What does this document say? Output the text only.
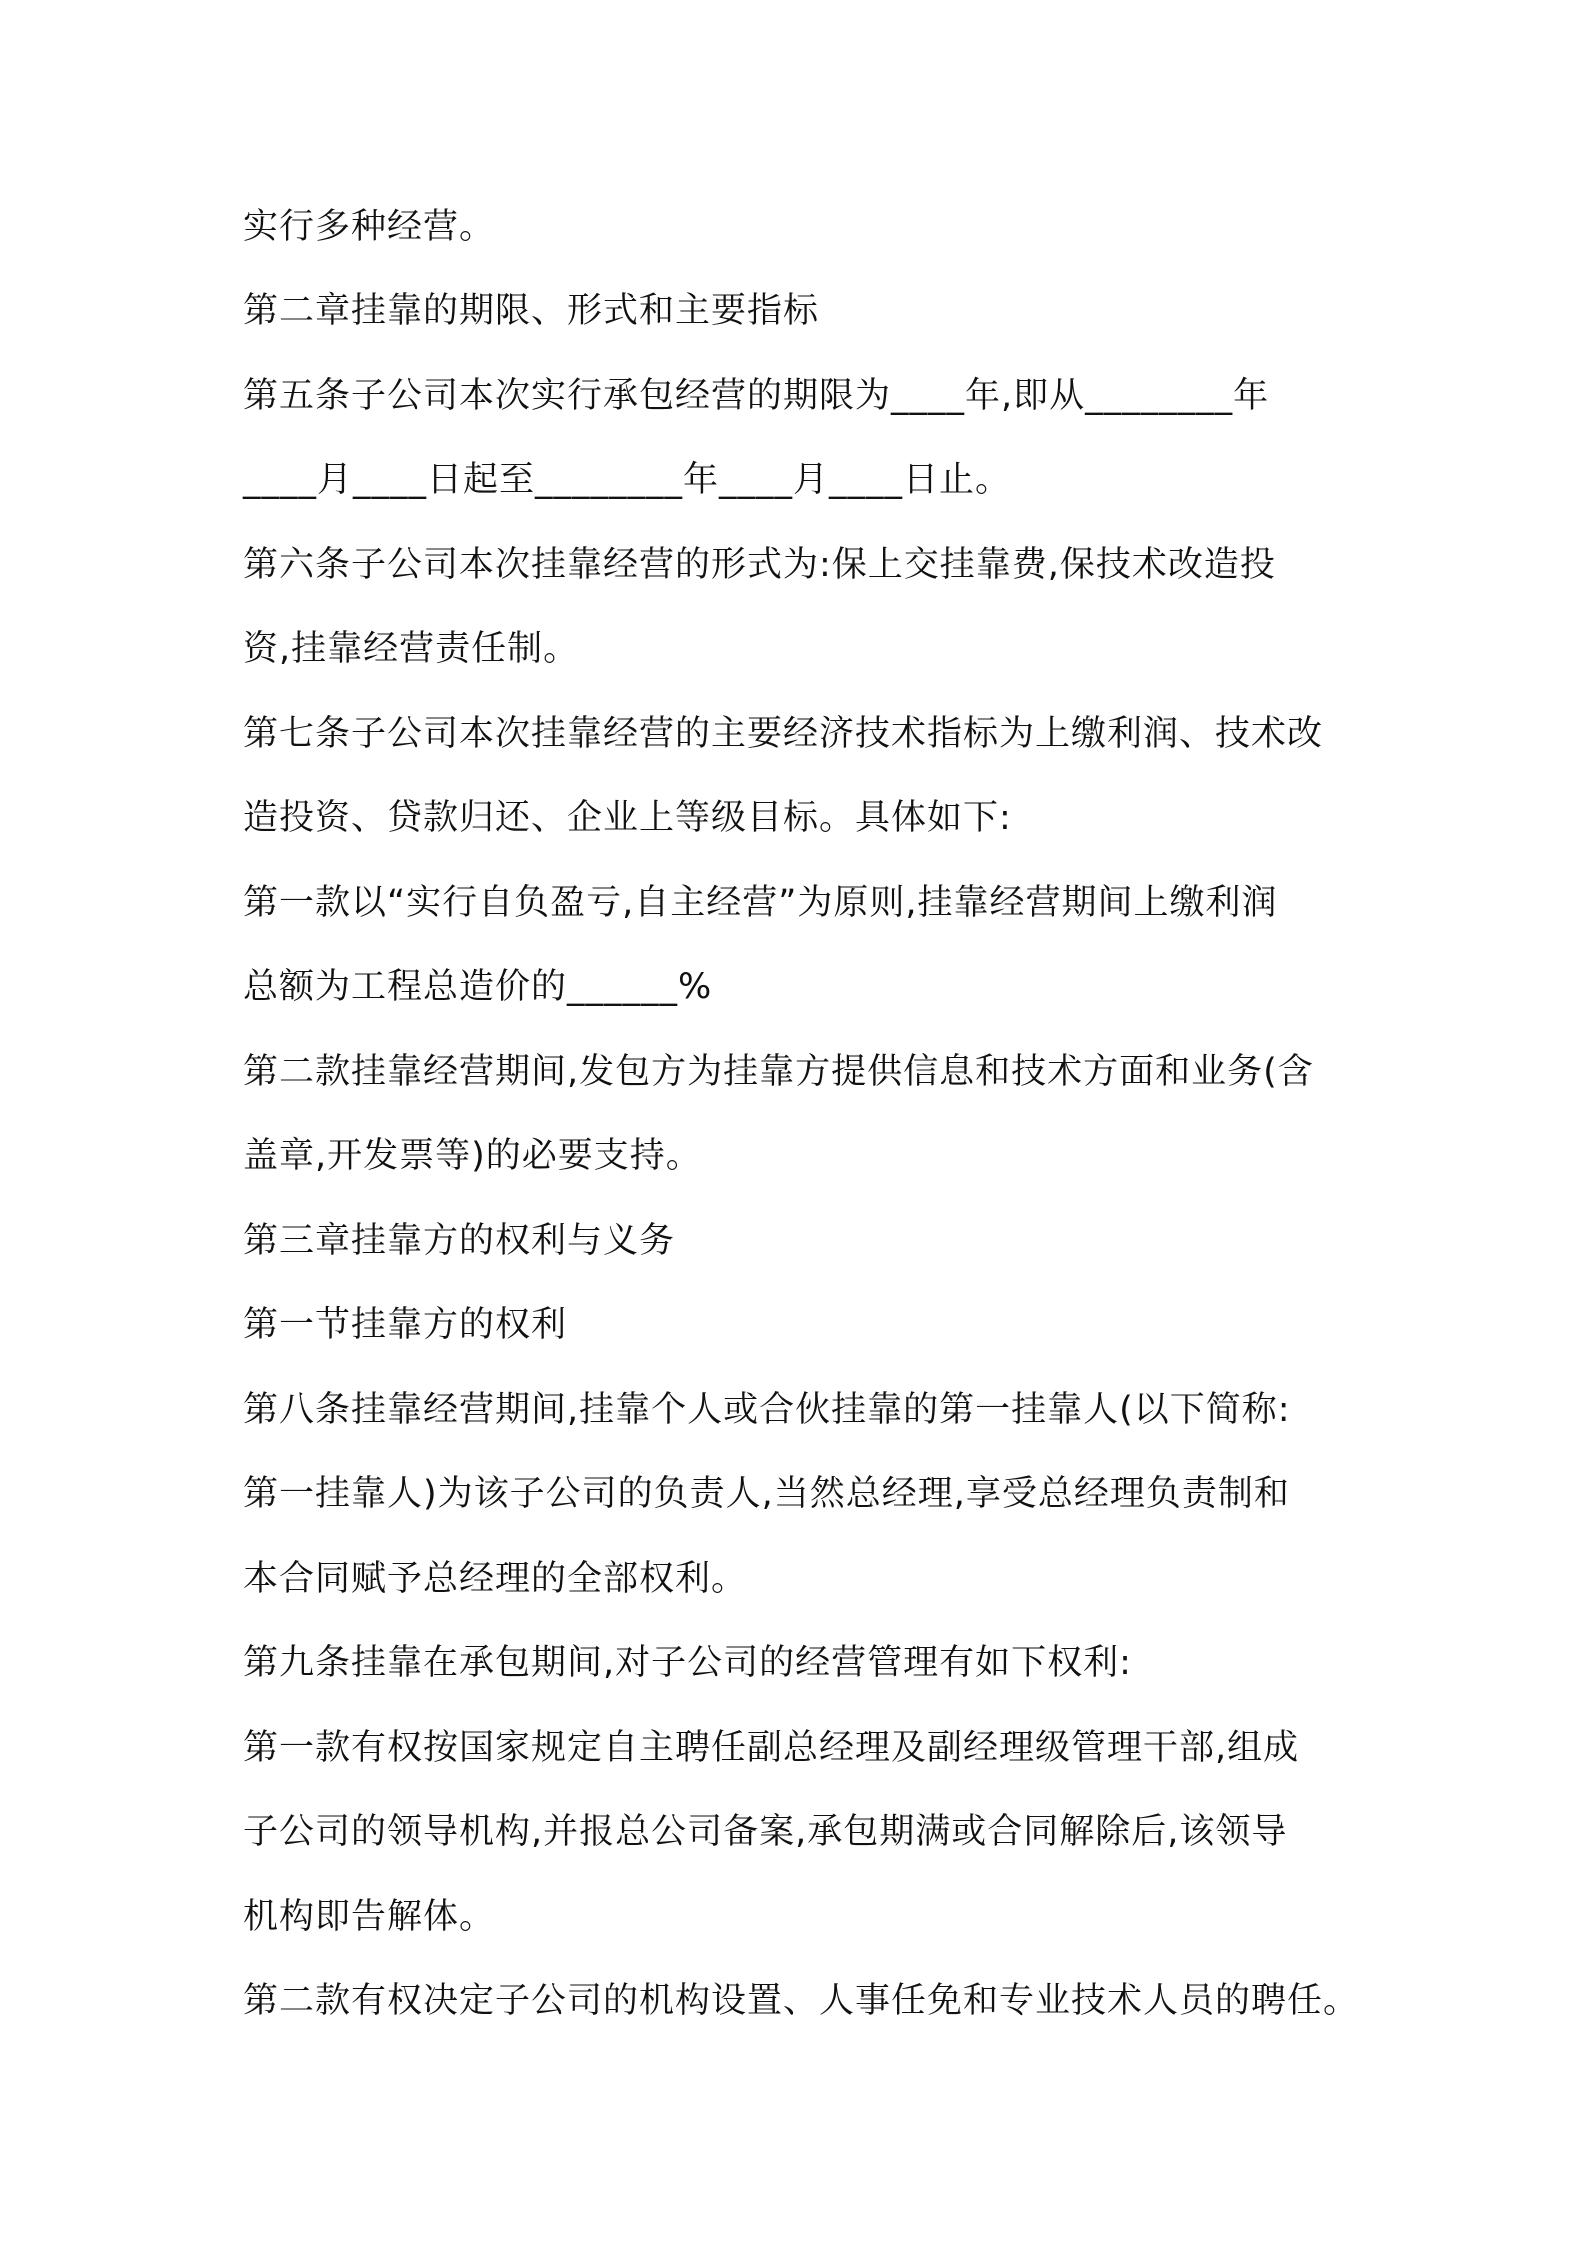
实行多种经营。
第二章挂靠的期限、形式和主要指标
第五条子公司本次实行承包经营的期限为____年,即从________年
____月____日起至________年____月____日止。
第六条子公司本次挂靠经营的形式为:保上交挂靠费,保技术改造投
资,挂靠经营责任制。
第七条子公司本次挂靠经营的主要经济技术指标为上缴利润、技术改
造投资、贷款归还、企业上等级目标。具体如下:
第一款以“实行自负盈亏,自主经营”为原则,挂靠经营期间上缴利润
总额为工程总造价的______%
第二款挂靠经营期间,发包方为挂靠方提供信息和技术方面和业务(含
盖章,开发票等)的必要支持。
第三章挂靠方的权利与义务
第一节挂靠方的权利
第八条挂靠经营期间,挂靠个人或合伙挂靠的第一挂靠人(以下简称:
第一挂靠人)为该子公司的负责人,当然总经理,享受总经理负责制和
本合同赋予总经理的全部权利。
第九条挂靠在承包期间,对子公司的经营管理有如下权利:
第一款有权按国家规定自主聘任副总经理及副经理级管理干部,组成
子公司的领导机构,并报总公司备案,承包期满或合同解除后,该领导
机构即告解体。
第二款有权决定子公司的机构设置、人事任免和专业技术人员的聘任。
